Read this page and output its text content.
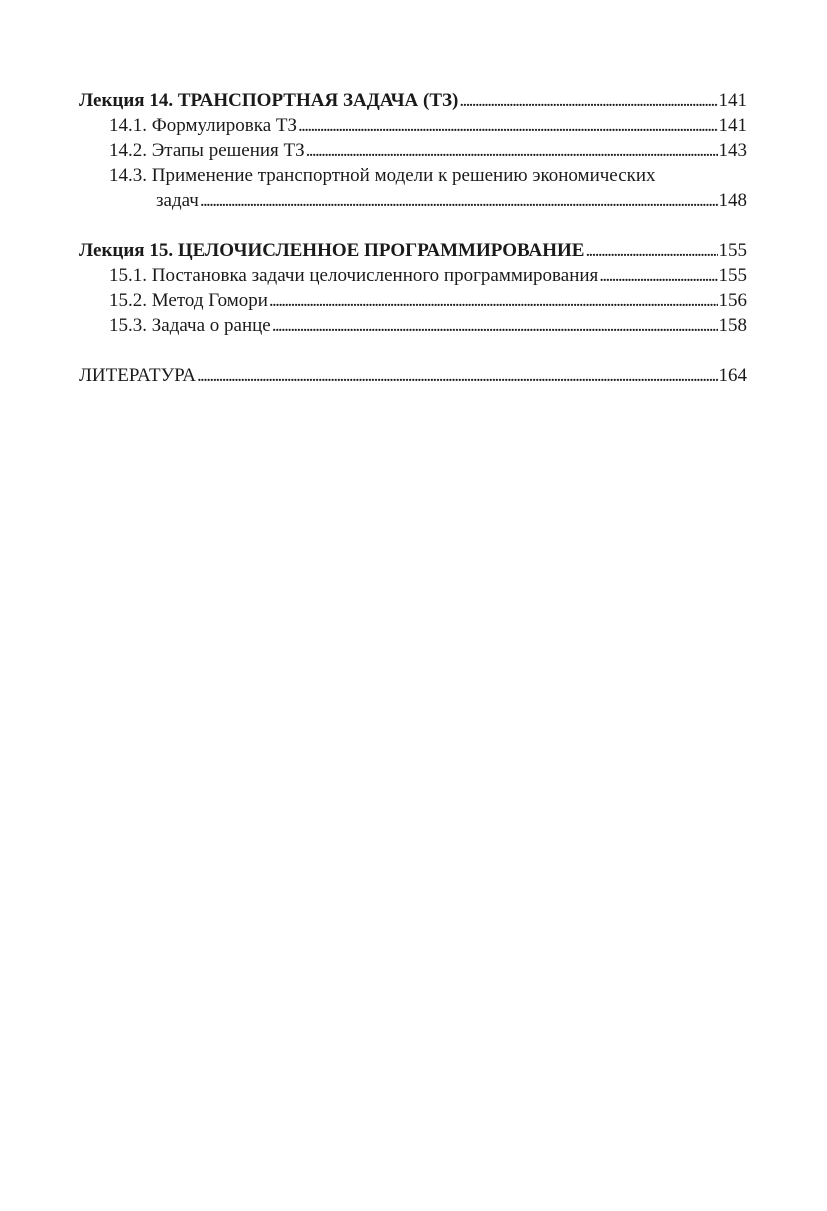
Лекция 14. ТРАНСПОРТНАЯ ЗАДАЧА (ТЗ) . . .	141
14.1. Формулировка ТЗ . . .	141
14.2. Этапы решения ТЗ . . .	143
14.3. Применение транспортной модели к решению экономических
задач . . .	148
Лекция 15. ЦЕЛОЧИСЛЕННОЕ ПРОГРАММИРОВАНИЕ . . .	155
15.1. Постановка задачи целочисленного программирования . . .	155
15.2. Метод Гомори . . .	156
15.3. Задача о ранце . . .	158
ЛИТЕРАТУРА . . .	164
